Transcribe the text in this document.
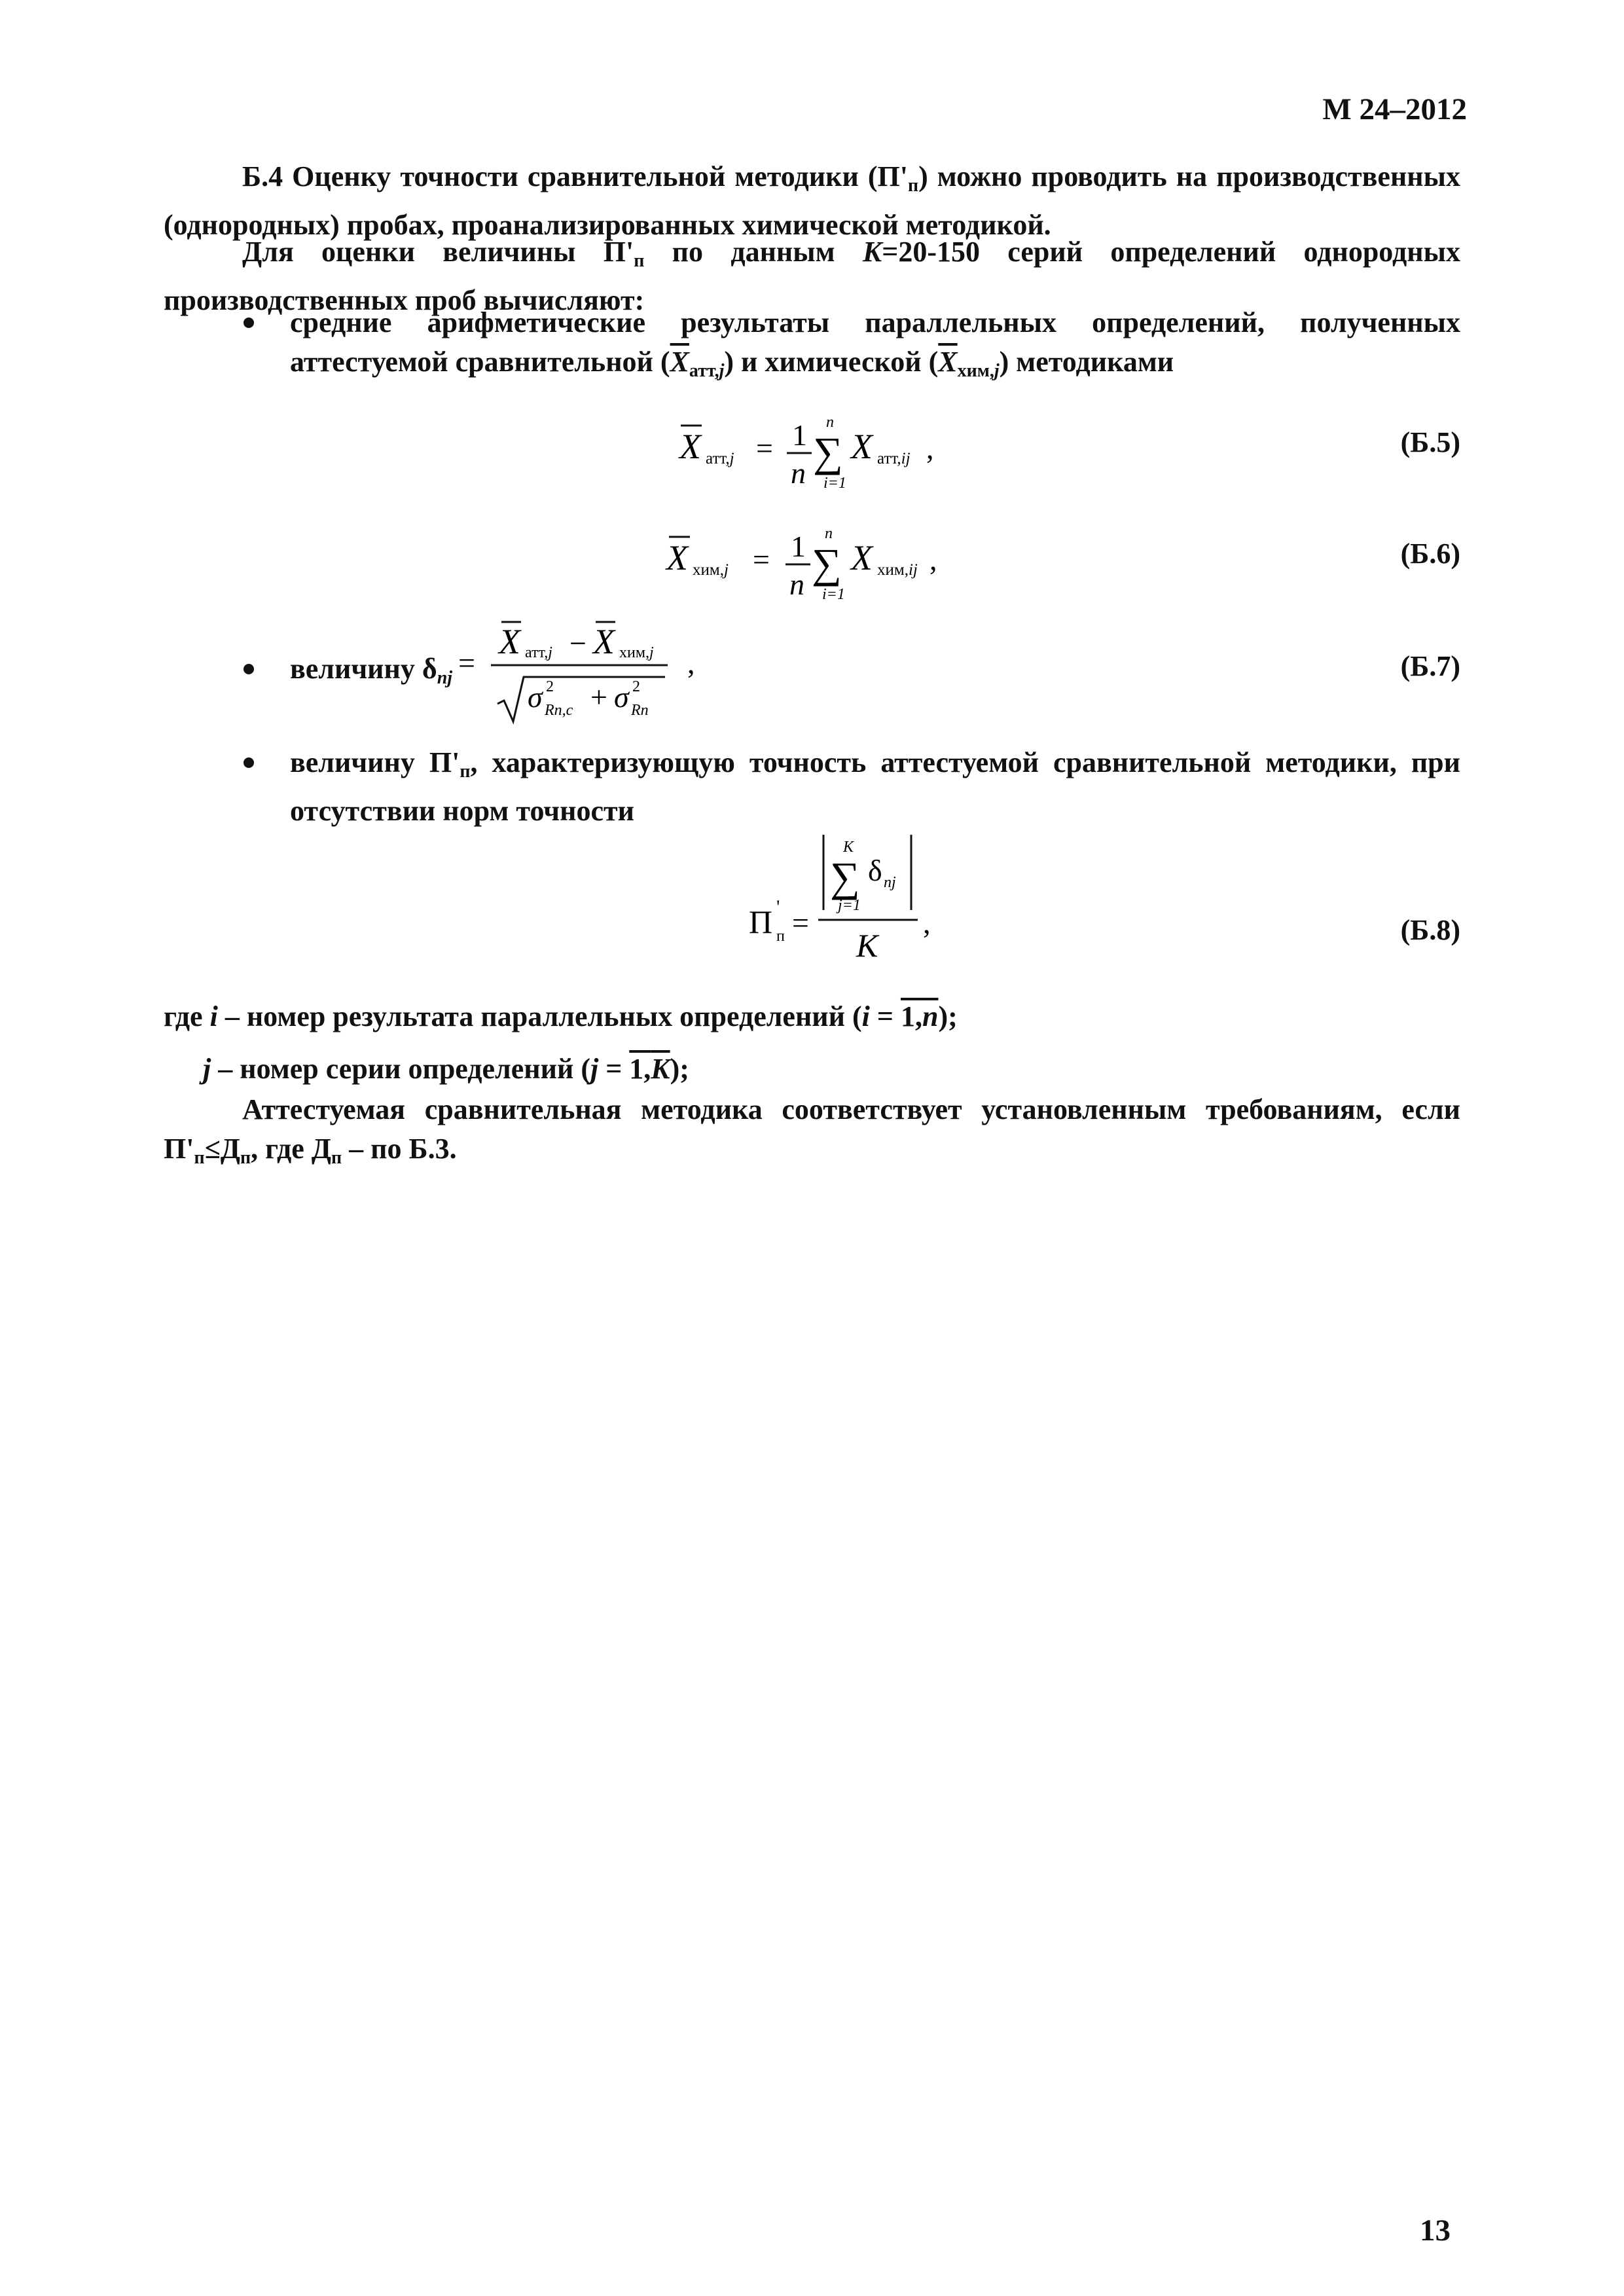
М 24–2012

Б.4 Оценку точности сравнительной методики (П'п) можно проводить на производственных (однородных) пробах, проанализированных химической методикой.

Для оценки величины П'п по данным K=20-150 серий определений однородных производственных проб вычисляют:

средние арифметические результаты параллельных определений, полученных аттестуемой сравнительной $(\overline{X}атт,j)$ и химической $(\overline{X}хим,j)$ методиками
X атт,j = 1
n
n
∑
i=1
X атт,ij ,	(Б.5)
X хим,j = 1
n
n
∑
i=1
X хим,ij ,	(Б.6)
величину δпj =
X атт,j − X хим,j
σ 2
Rп,с + σ 2
Rп
,	(Б.7)
величину П'п, характеризующую точность аттестуемой сравнительной методики, при отсутствии норм точности
П '
п =
K
∑
j=1
δ пj
K
,	(Б.8)

где i – номер результата параллельных определений (i = 1,n);

j – номер серии определений (j = 1,K);

Аттестуемая сравнительная методика соответствует установленным требованиям, если П'п≤Дп, где Дп – по Б.3.

13
